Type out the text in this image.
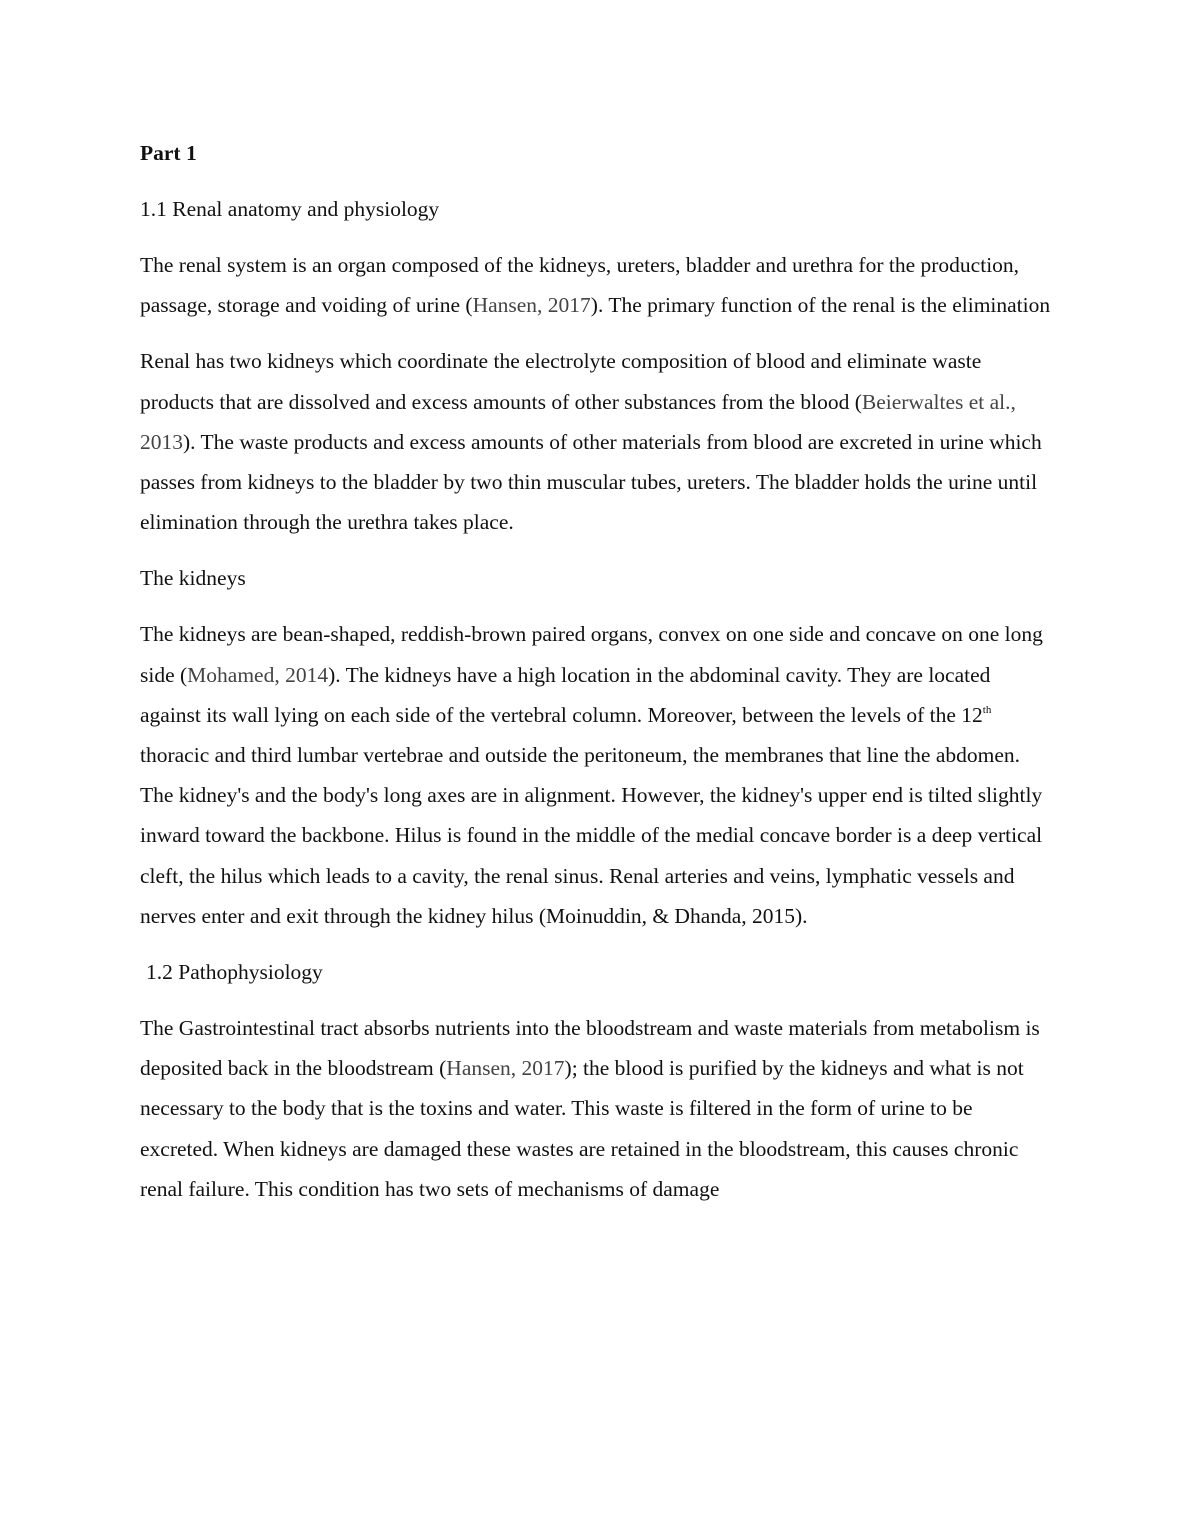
Part 1

1.1 Renal anatomy and physiology

The renal system is an organ composed of the kidneys, ureters, bladder and urethra for the production, passage, storage and voiding of urine (Hansen, 2017). The primary function of the renal is the elimination

Renal has two kidneys which coordinate the electrolyte composition of blood and eliminate waste products that are dissolved and excess amounts of other substances from the blood (Beierwaltes et al., 2013). The waste products and excess amounts of other materials from blood are excreted in urine which passes from kidneys to the bladder by two thin muscular tubes, ureters. The bladder holds the urine until elimination through the urethra takes place.

The kidneys

The kidneys are bean-shaped, reddish-brown paired organs, convex on one side and concave on one long side (Mohamed, 2014). The kidneys have a high location in the abdominal cavity. They are located against its wall lying on each side of the vertebral column. Moreover, between the levels of the 12th thoracic and third lumbar vertebrae and outside the peritoneum, the membranes that line the abdomen. The kidney's and the body's long axes are in alignment. However, the kidney's upper end is tilted slightly inward toward the backbone. Hilus is found in the middle of the medial concave border is a deep vertical cleft, the hilus which leads to a cavity, the renal sinus. Renal arteries and veins, lymphatic vessels and nerves enter and exit through the kidney hilus (Moinuddin, & Dhanda, 2015).

1.2 Pathophysiology

The Gastrointestinal tract absorbs nutrients into the bloodstream and waste materials from metabolism is deposited back in the bloodstream (Hansen, 2017); the blood is purified by the kidneys and what is not necessary to the body that is the toxins and water. This waste is filtered in the form of urine to be excreted. When kidneys are damaged these wastes are retained in the bloodstream, this causes chronic renal failure. This condition has two sets of mechanisms of damage
